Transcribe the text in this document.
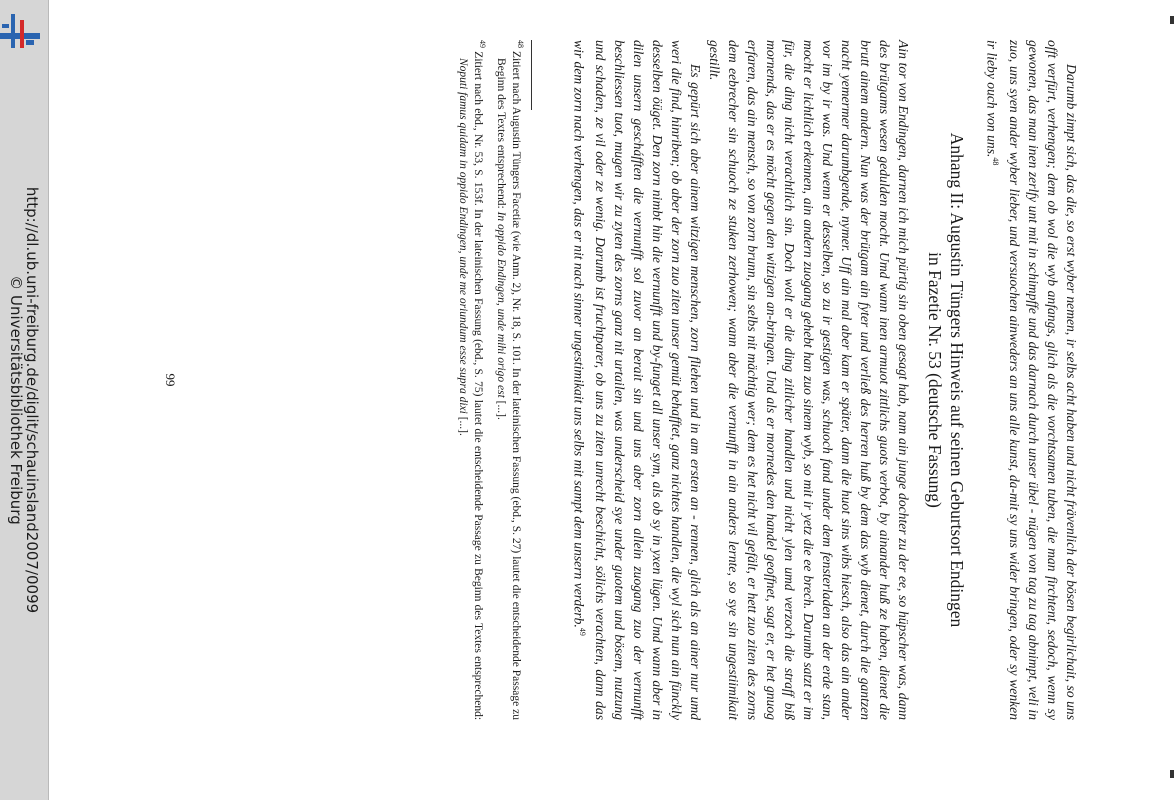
http://dl.ub.uni-freiburg.de/diglit/schauinsland2007/0099
© Universitätsbibliothek Freiburg	Darumb zimpt sich, das die, so erst wyber nemen, ir selbs acht haben und nicht frävenlich der bösen begirlichait, so uns offt verfürt, verhengen; dem ob wol die wyb anfangs, glich als die vorchtsamen tuben, die man firchtent, sedoch, wenn sy gewonen, das man inen zerlfy unt mit in schimpffe und das darnach durch unser übel - nügen von tag zu tag abnimpt, veli in zuo, uns syen ander wyber lieber, und versuochen ainweders an uns alle kunst, da-mit sy uns wider bringen, oder sy wenken ir lieby ouch von uns.$^{48}$

Anhang II: Augustin Tüngers Hinweis auf seinen Geburtsort Endingen
in Fazetie Nr. 53 (deutsche Fassung)

Ain tor von Endingen, darnen ich mich pürtig sin oben gesagt hab, nam ain junge dochter zu der ee, so hüpscher was, dann des brütgams wesen gedulden mocht. Umd wann inen armuot zittlichs guots verbot, by ainander huß ze haben, dienet die brutt ainem andern. Nun was der brütgam ain fyter und verließ des herren huß by dem das wyb dienet, durch die gantzen nacht yemermer darumbgende, nymer. Uff ain mal aber kam er später, dann die huot sins wibs hiesch, also das ain ander vor im by ir was. Und wenn er desselben, so zu ir gestigen was, schuoch fand under dem fensterladen an der erde stan, mocht er lichtlich erkennen, ain andern zuogang gehebt han zuo sinem wyb, so mit ir yetz die ee brech. Darumb satzt er im für, die ding nicht verachtlich sin. Doch wolt er die ding zitlicher handlen und nicht ylen umd verzoch die straff biß mornends, das er es möcht gegen den witzigen an-bringen. Und als er mornedes den handel geoffnet, sagt er, er het gnuog erfaren, das ain mensch, so von zorn brunn, sin selbs nit mächtig wer; dem es het nicht vil gefält, er hett zuo ziten des zorns dem eebrecher sin schuoch ze stuken zerhowen; wann aber die vernunfft in ain anders lernte, so sye sin ungestiimikait gestillt.

Es gepürt sich aber ainem witzigen menschen, zorn fliehen und in am ersten an - rennen, glich als an ainer nur umd weri die find, hinriben; ob aber der zorn zuo ziten unser gemüt behafftet, ganz nichtes handlen, die wyl sich nun ain fünckly desselben öüget. Den zorn nimbt hin die vernunfft und by-funget all unser sym, als ob sy in yxen lügen. Umd wann aber in dilen unsern gescháfften die vernunfft sol zuvor an berait sin und uns aber zorn allein zuogang zuo der vernunfft beschliessen tuot, mugen wir zu zyten des zorns ganz nit urtailen, was underscheid sye under guotem und bösem, nutzung und schaden, ze vil oder ze wenig. Darumb ist fruchtparer, ob uns zu ziten unrecht beschicht, sölichs verachten, dann das wir dem zorn nach verhengen, das er nit nach sinner ungestimikait uns selbs mit sampt dem unsern verderb.$^{49}$

$^{48}$ Zitiert nach Augustin Tüngers Facetiæ (wie Anm. 2), Nr. 18, S. 101. In der lateinischen Fassung (ebd., S. 27) lautet die entscheidende Passage zu Beginn des Textes entsprechend: In oppido Endingen, unde mihi origo est [...].

$^{49}$ Zitiert nach ebd., Nr. 53, S. 153f. In der lateinischen Fassung (ebd., S. 75) lautet die entscheidende Passage zu Beginn des Textes entsprechend: Noputi famus quidam in oppido Endingen, unde me oriundum esse supra dixi [...].

99
